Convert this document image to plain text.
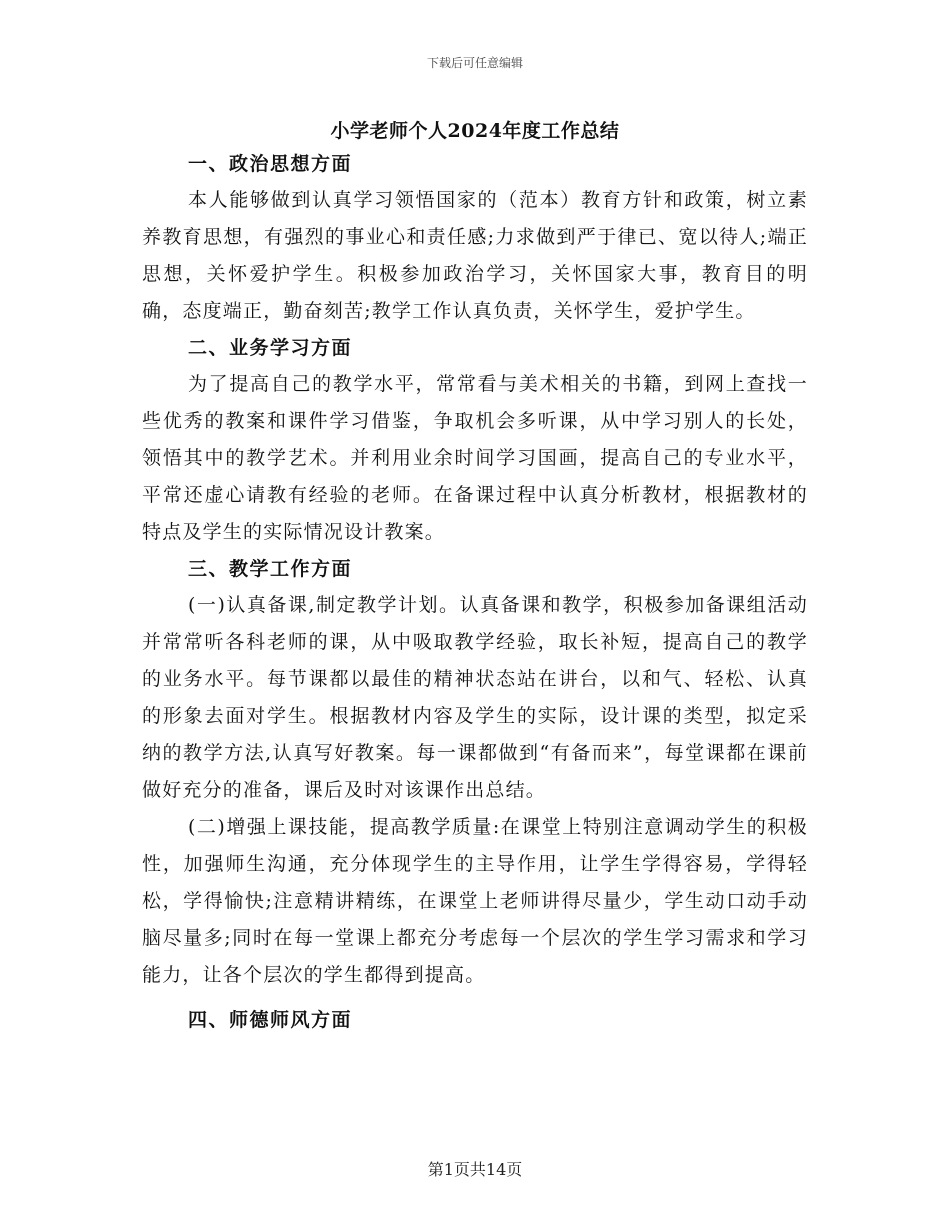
下载后可任意编辑
小学老师个人2024年度工作总结

一、政治思想方面

本人能够做到认真学习领悟国家的（范本）教育方针和政策，树立素养教育思想，有强烈的事业心和责任感;力求做到严于律已、宽以待人;端正思想，关怀爱护学生。积极参加政治学习，关怀国家大事，教育目的明确，态度端正，勤奋刻苦;教学工作认真负责，关怀学生，爱护学生。

二、业务学习方面

为了提高自己的教学水平，常常看与美术相关的书籍，到网上查找一些优秀的教案和课件学习借鉴，争取机会多听课，从中学习别人的长处，领悟其中的教学艺术。并利用业余时间学习国画，提高自己的专业水平，平常还虚心请教有经验的老师。在备课过程中认真分析教材，根据教材的特点及学生的实际情况设计教案。

三、教学工作方面

(一)认真备课,制定教学计划。认真备课和教学，积极参加备课组活动并常常听各科老师的课，从中吸取教学经验，取长补短，提高自己的教学的业务水平。每节课都以最佳的精神状态站在讲台，以和气、轻松、认真的形象去面对学生。根据教材内容及学生的实际，设计课的类型，拟定采纳的教学方法,认真写好教案。每一课都做到“有备而来”，每堂课都在课前做好充分的准备，课后及时对该课作出总结。

(二)增强上课技能，提高教学质量:在课堂上特别注意调动学生的积极性，加强师生沟通，充分体现学生的主导作用，让学生学得容易，学得轻松，学得愉快;注意精讲精练，在课堂上老师讲得尽量少，学生动口动手动脑尽量多;同时在每一堂课上都充分考虑每一个层次的学生学习需求和学习能力，让各个层次的学生都得到提高。

四、师德师风方面

第1页共14页
